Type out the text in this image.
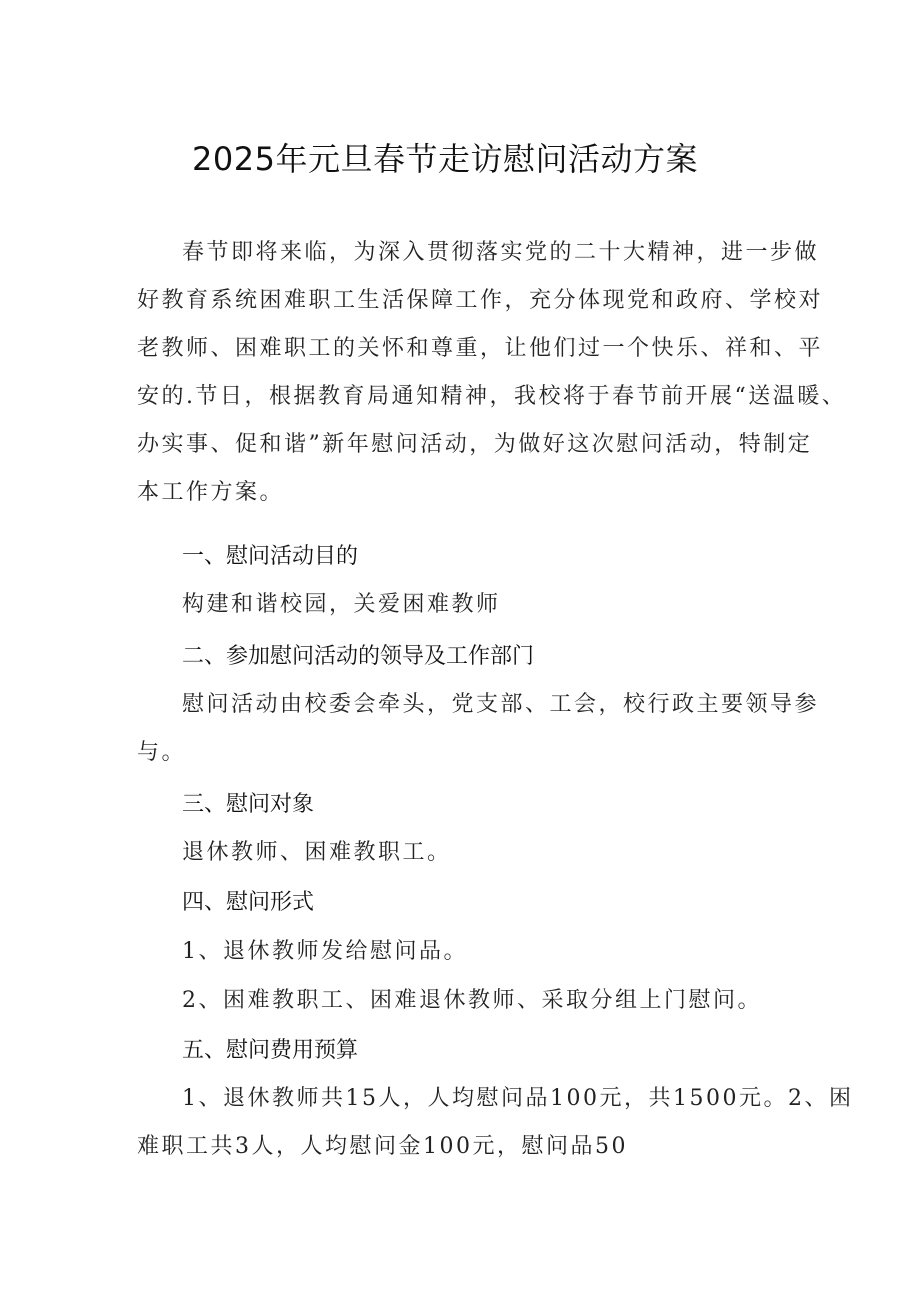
2025年元旦春节走访慰问活动方案

春节即将来临，为深入贯彻落实党的二十大精神，进一步做

好教育系统困难职工生活保障工作，充分体现党和政府、学校对

老教师、困难职工的关怀和尊重，让他们过一个快乐、祥和、平

安的.节日，根据教育局通知精神，我校将于春节前开展“送温暖、

办实事、促和谐”新年慰问活动，为做好这次慰问活动，特制定

本工作方案。

一、慰问活动目的

构建和谐校园，关爱困难教师

二、参加慰问活动的领导及工作部门

慰问活动由校委会牵头，党支部、工会，校行政主要领导参

与。

三、慰问对象

退休教师、困难教职工。

四、慰问形式

1、退休教师发给慰问品。

2、困难教职工、困难退休教师、采取分组上门慰问。

五、慰问费用预算

1、退休教师共15人，人均慰问品100元，共1500元。2、困

难职工共3人，人均慰问金100元，慰问品50
